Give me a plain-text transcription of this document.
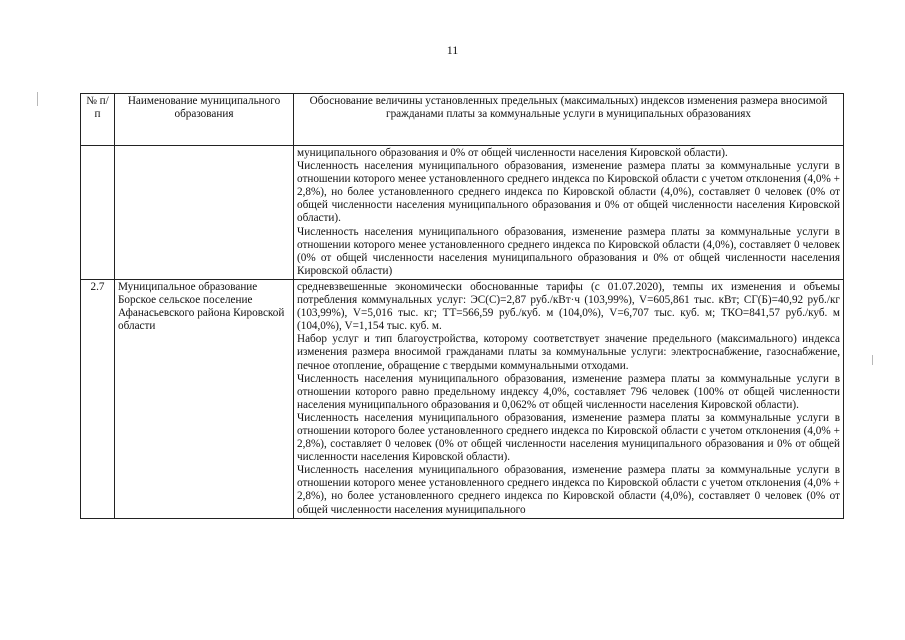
11
№ п/п	Наименование муниципального образования	Обоснование величины установленных предельных (максимальных) индексов изменения размера вносимой гражданами платы за коммунальные услуги в муниципальных образованиях

		муниципального образования и 0% от общей численности населения Кировской области).

Численность населения муниципального образования, изменение размера платы за коммунальные услуги в отношении которого менее установленного среднего индекса по Кировской области с учетом отклонения (4,0% + 2,8%), но более установленного среднего индекса по Кировской области (4,0%), составляет 0 человек (0% от общей численности населения муниципального образования и 0% от общей численности населения Кировской области).

Численность населения муниципального образования, изменение размера платы за коммунальные услуги в отношении которого менее установленного среднего индекса по Кировской области (4,0%), составляет 0 человек (0% от общей численности населения муниципального образования и 0% от общей численности населения Кировской области)

2.7	Муниципальное образование Борское сельское поселение Афанасьевского района Кировской области	средневзвешенные экономически обоснованные тарифы (с 01.07.2020), темпы их изменения и объемы потребления коммунальных услуг: ЭС(С)=2,87 руб./кВт·ч (103,99%), V=605,861 тыс. кВт; СГ(Б)=40,92 руб./кг (103,99%), V=5,016 тыс. кг; ТТ=566,59 руб./куб. м (104,0%), V=6,707 тыс. куб. м; ТКО=841,57 руб./куб. м (104,0%), V=1,154 тыс. куб. м.

Набор услуг и тип благоустройства, которому соответствует значение предельного (максимального) индекса изменения размера вносимой гражданами платы за коммунальные услуги: электроснабжение, газоснабжение, печное отопление, обращение с твердыми коммунальными отходами.

Численность населения муниципального образования, изменение размера платы за коммунальные услуги в отношении которого равно предельному индексу 4,0%, составляет 796 человек (100% от общей численности населения муниципального образования и 0,062% от общей численности населения Кировской области).

Численность населения муниципального образования, изменение размера платы за коммунальные услуги в отношении которого более установленного среднего индекса по Кировской области с учетом отклонения (4,0% + 2,8%), составляет 0 человек (0% от общей численности населения муниципального образования и 0% от общей численности населения Кировской области).

Численность населения муниципального образования, изменение размера платы за коммунальные услуги в отношении которого менее установленного среднего индекса по Кировской области с учетом отклонения (4,0% + 2,8%), но более установленного среднего индекса по Кировской области (4,0%), составляет 0 человек (0% от общей численности населения муниципального
